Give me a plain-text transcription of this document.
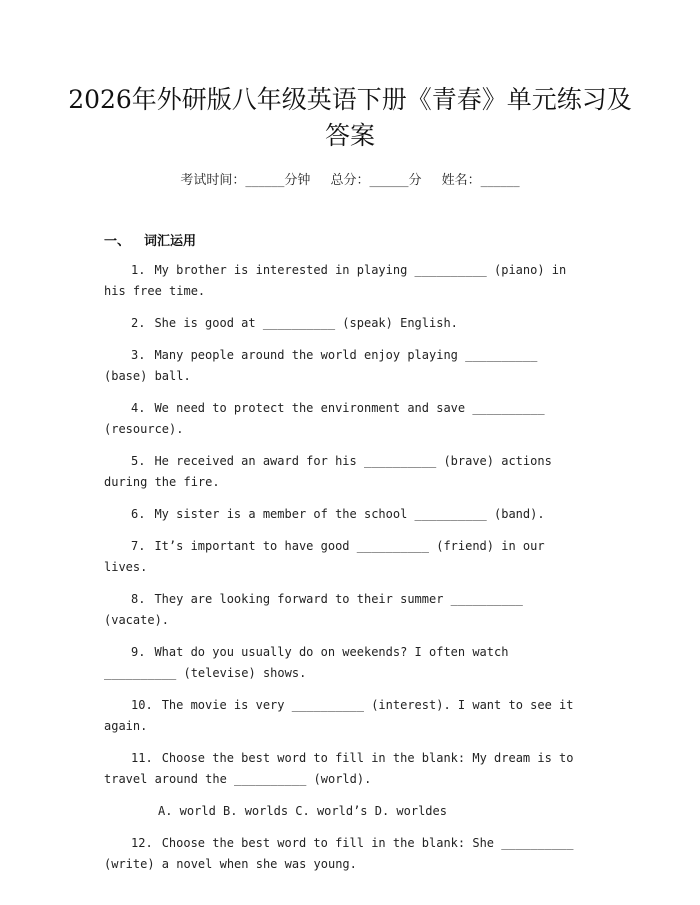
2026年外研版八年级英语下册《青春》单元练习及答案
考试时间：______分钟 总分：______分 姓名：______
一、 词汇运用

1. My brother is interested in playing __________ (piano) in his free time.

2. She is good at __________ (speak) English.

3. Many people around the world enjoy playing __________ (base) ball.

4. We need to protect the environment and save __________ (resource).

5. He received an award for his __________ (brave) actions during the fire.

6. My sister is a member of the school __________ (band).

7. It’s important to have good __________ (friend) in our lives.

8. They are looking forward to their summer __________ (vacate).

9. What do you usually do on weekends? I often watch __________ (televise) shows.

10. The movie is very __________ (interest). I want to see it again.

11. Choose the best word to fill in the blank: My dream is to travel around the __________ (world).

A. world B. worlds C. world’s D. worldes

12. Choose the best word to fill in the blank: She __________ (write) a novel when she was young.
